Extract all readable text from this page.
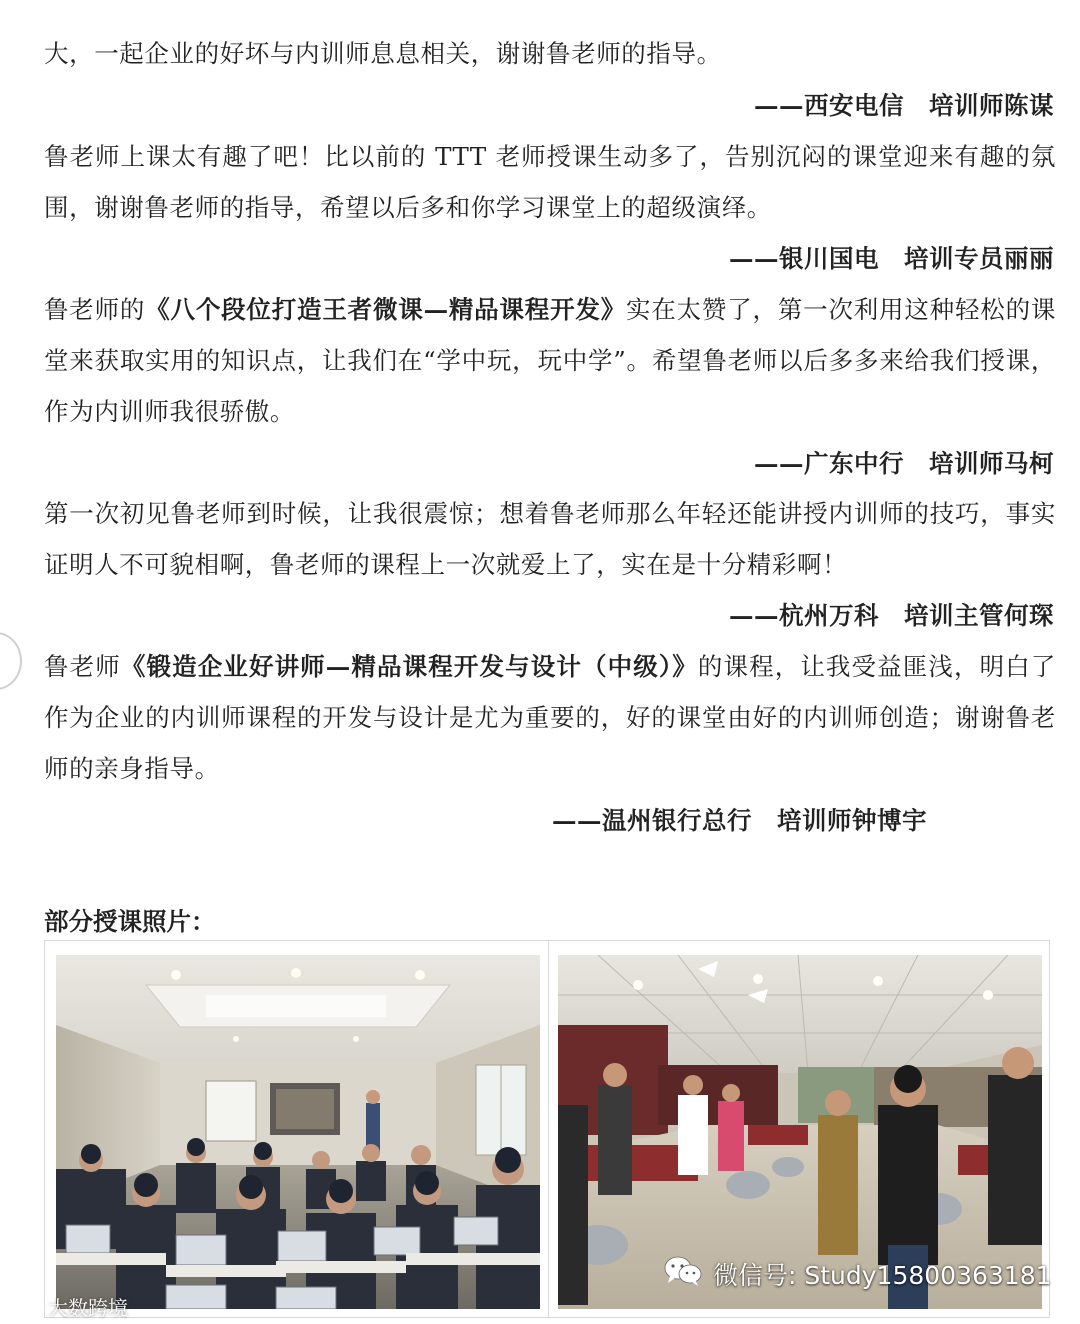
大，一起企业的好坏与内训师息息相关，谢谢鲁老师的指导。

——西安电信　培训师陈谋

鲁老师上课太有趣了吧！比以前的 TTT 老师授课生动多了，告别沉闷的课堂迎来有趣的氛围，谢谢鲁老师的指导，希望以后多和你学习课堂上的超级演绎。

——银川国电　培训专员丽丽

鲁老师的《八个段位打造王者微课—精品课程开发》实在太赞了，第一次利用这种轻松的课堂来获取实用的知识点，让我们在“学中玩，玩中学”。希望鲁老师以后多多来给我们授课，作为内训师我很骄傲。

——广东中行　培训师马柯

第一次初见鲁老师到时候，让我很震惊；想着鲁老师那么年轻还能讲授内训师的技巧，事实证明人不可貌相啊，鲁老师的课程上一次就爱上了，实在是十分精彩啊！

——杭州万科　培训主管何琛

鲁老师《锻造企业好讲师—精品课程开发与设计（中级）》的课程，让我受益匪浅，明白了作为企业的内训师课程的开发与设计是尤为重要的，好的课堂由好的内训师创造；谢谢鲁老师的亲身指导。

——温州银行总行　培训师钟博宇

部分授课照片：

微信号: Study15800363181
大数跨境
